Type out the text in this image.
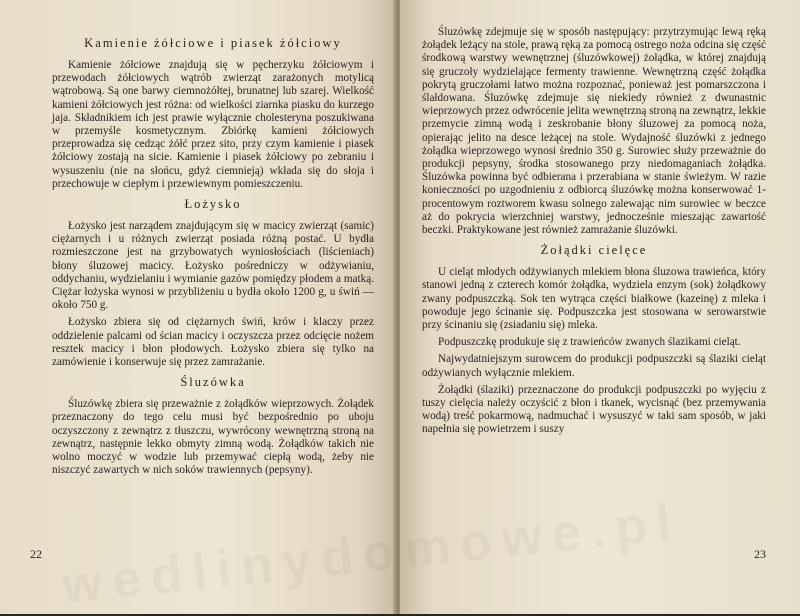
Kamienie żółciowe i piasek żółciowy

Kamienie żółciowe znajdują się w pęcherzyku żółciowym i przewodach żółciowych wątrób zwierząt zarażonych motylicą wątrobową. Są one barwy ciemnożółtej, brunatnej lub szarej. Wielkość kamieni żółciowych jest różna: od wielkości ziarnka piasku do kurzego jaja. Składnikiem ich jest prawie wyłącznie cholesteryna poszukiwana w przemyśle kosmetycznym. Zbiórkę kamieni żółciowych przeprowadza się cedząc żółć przez sito, przy czym kamienie i piasek żółciowy zostają na sicie. Kamienie i piasek żółciowy po zebraniu i wysuszeniu (nie na słońcu, gdyż ciemnieją) wkłada się do słoja i przechowuje w ciepłym i przewiewnym pomieszczeniu.

Łożysko

Łożysko jest narządem znajdującym się w macicy zwierząt (samic) ciężarnych i u różnych zwierząt posiada różną postać. U bydła rozmieszczone jest na grzybowatych wyniosłościach (liścieniach) błony śluzowej macicy. Łożysko pośredniczy w odżywianiu, oddychaniu, wydzielaniu i wymianie gazów pomiędzy płodem a matką. Ciężar łożyska wynosi w przybliżeniu u bydła około 1200 g, u świń — około 750 g.

Łożysko zbiera się od ciężarnych świń, krów i klaczy przez oddzielenie palcami od ścian macicy i oczyszcza przez odcięcie nożem resztek macicy i błon płodowych. Łożysko zbiera się tylko na zamówienie i konserwuje się przez zamrażanie.

Śluzówka

Śluzówkę zbiera się przeważnie z żołądków wieprzowych. Żołądek przeznaczony do tego celu musi być bezpośrednio po uboju oczyszczony z zewnątrz z tłuszczu, wywrócony wewnętrzną stroną na zewnątrz, następnie lekko obmyty zimną wodą. Żołądków takich nie wolno moczyć w wodzie lub przemywać ciepłą wodą, żeby nie niszczyć zawartych w nich soków trawiennych (pepsyny).

22

Śluzówkę zdejmuje się w sposób następujący: przytrzymując lewą ręką żołądek leżący na stole, prawą ręką za pomocą ostrego noża odcina się część środkową warstwy wewnętrznej (śluzówkowej) żołądka, w której znajdują się gruczoły wydzielające fermenty trawienne. Wewnętrzną część żołądka pokrytą gruczołami łatwo można rozpoznać, ponieważ jest pomarszczona i ślałdowana. Śluzówkę zdejmuje się niekiedy również z dwunastnic wieprzowych przez odwrócenie jelita wewnętrzną stroną na zewnątrz, lekkie przemycie zimną wodą i zeskrobanie błony śluzowej za pomocą noża, opierając jelito na desce leżącej na stole. Wydajność śluzówki z jednego żołądka wieprzowego wynosi średnio 350 g. Surowiec służy przeważnie do produkcji pepsyny, środka stosowanego przy niedomaganiach żołądka. Śluzówka powinna być odbierana i przerabiana w stanie świeżym. W razie konieczności po uzgodnieniu z odbiorcą śluzówkę można konserwować 1-procentowym roztworem kwasu solnego zalewając nim surowiec w beczce aż do pokrycia wierzchniej warstwy, jednocześnie mieszając zawartość beczki. Praktykowane jest również zamrażanie śluzówki.

Żołądki cielęce

U cieląt młodych odżywianych mlekiem błona śluzowa trawieńca, który stanowi jedną z czterech komór żołądka, wydziela enzym (sok) żołądkowy zwany podpuszczką. Sok ten wytrąca części białkowe (kazeinę) z mleka i powoduje jego ścinanie się. Podpuszczka jest stosowana w serowarstwie przy ścinaniu się (zsiadaniu się) mleka.

Podpuszczkę produkuje się z trawieńców zwanych ślazikami cieląt.

Najwydatniejszym surowcem do produkcji podpuszczki są ślaziki cieląt odżywianych wyłącznie mlekiem.

Żołądki (ślaziki) przeznaczone do produkcji podpuszczki po wyjęciu z tuszy cielęcia należy oczyścić z błon i tkanek, wycisnąć (bez przemywania wodą) treść pokarmową, nadmuchać i wysuszyć w taki sam sposób, w jaki napełnia się powietrzem i suszy

23
